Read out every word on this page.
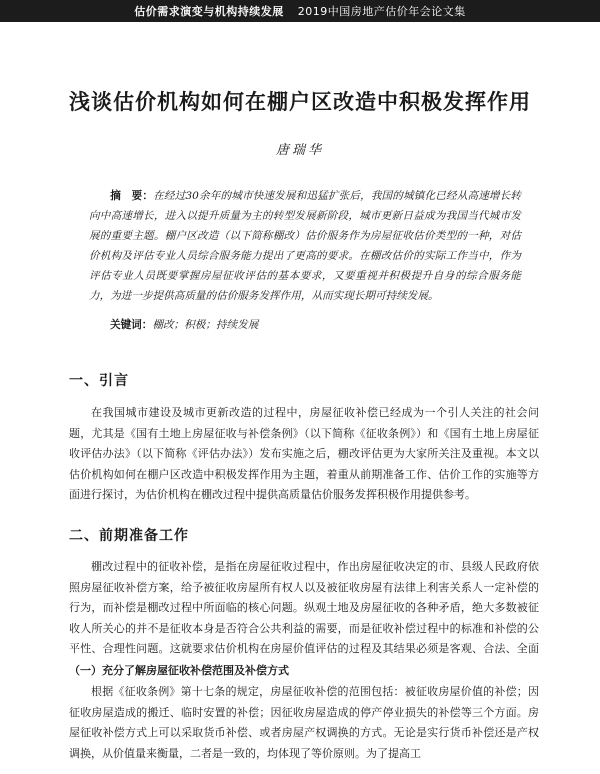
估价需求演变与机构持续发展 2019中国房地产估价年会论文集
浅谈估价机构如何在棚户区改造中积极发挥作用

唐瑞华

摘　要：在经过30余年的城市快速发展和迅猛扩张后，我国的城镇化已经从高速增长转向中高速增长，进入以提升质量为主的转型发展新阶段，城市更新日益成为我国当代城市发展的重要主题。棚户区改造（以下简称棚改）估价服务作为房屋征收估价类型的一种，对估价机构及评估专业人员综合服务能力提出了更高的要求。在棚改估价的实际工作当中，作为评估专业人员既要掌握房屋征收评估的基本要求，又要重视并积极提升自身的综合服务能力，为进一步提供高质量的估价服务发挥作用，从而实现长期可持续发展。

关键词：棚改；积极；持续发展

一、引言

在我国城市建设及城市更新改造的过程中，房屋征收补偿已经成为一个引人关注的社会问题，尤其是《国有土地上房屋征收与补偿条例》（以下简称《征收条例》）和《国有土地上房屋征收评估办法》（以下简称《评估办法》）发布实施之后，棚改评估更为大家所关注及重视。本文以估价机构如何在棚户区改造中积极发挥作用为主题，着重从前期准备工作、估价工作的实施等方面进行探讨，为估价机构在棚改过程中提供高质量估价服务发挥积极作用提供参考。

二、前期准备工作

棚改过程中的征收补偿，是指在房屋征收过程中，作出房屋征收决定的市、县级人民政府依照房屋征收补偿方案，给予被征收房屋所有权人以及被征收房屋有法律上利害关系人一定补偿的行为，而补偿是棚改过程中所面临的核心问题。纵观土地及房屋征收的各种矛盾，绝大多数被征收人所关心的并不是征收本身是否符合公共利益的需要，而是征收补偿过程中的标准和补偿的公平性、合理性问题。这就要求估价机构在房屋价值评估的过程及其结果必须是客观、合法、全面

（一）充分了解房屋征收补偿范围及补偿方式

根据《征收条例》第十七条的规定，房屋征收补偿的范围包括：被征收房屋价值的补偿；因征收房屋造成的搬迁、临时安置的补偿；因征收房屋造成的停产停业损失的补偿等三个方面。房屋征收补偿方式上可以采取货币补偿、或者房屋产权调换的方式。无论是实行货币补偿还是产权调换，从价值量来衡量，二者是一致的，均体现了等价原则。为了提高工
